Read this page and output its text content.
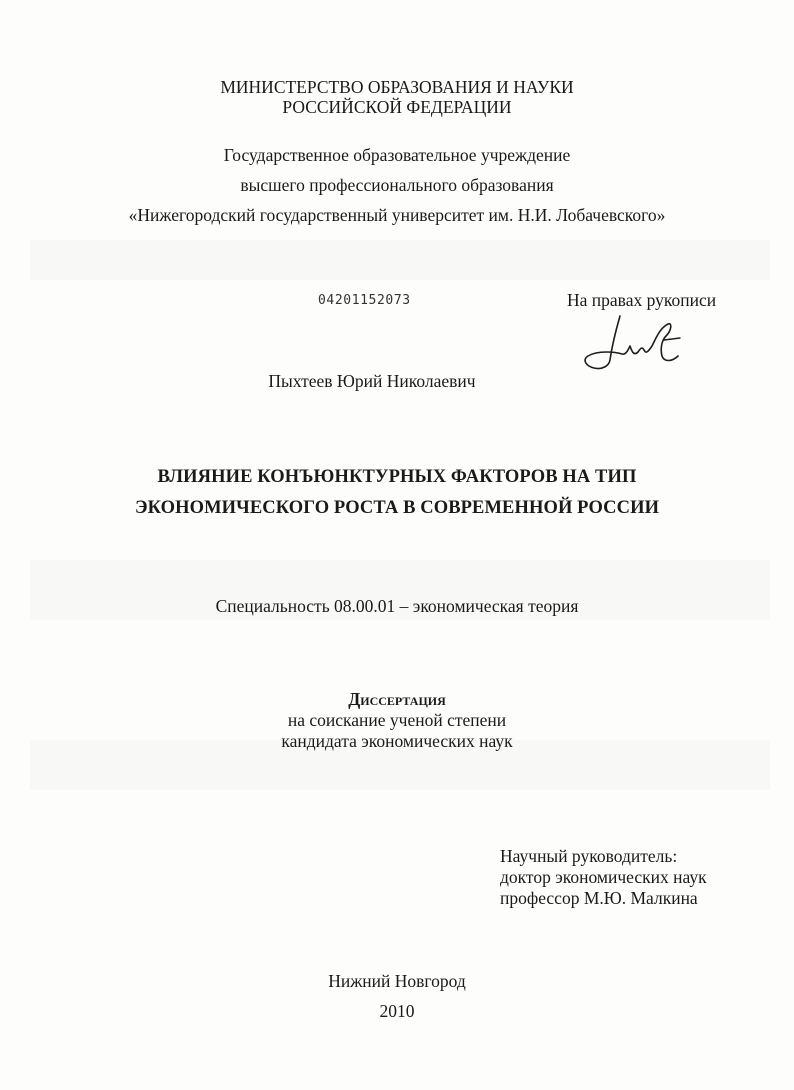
МИНИСТЕРСТВО ОБРАЗОВАНИЯ И НАУКИ
РОССИЙСКОЙ ФЕДЕРАЦИИ
Государственное образовательное учреждение
высшего профессионального образования
«Нижегородский государственный университет им. Н.И. Лобачевского»
04201152073	На правах рукописи
Пыхтеев Юрий Николаевич
ВЛИЯНИЕ КОНЪЮНКТУРНЫХ ФАКТОРОВ НА ТИП
ЭКОНОМИЧЕСКОГО РОСТА В СОВРЕМЕННОЙ РОССИИ
Специальность 08.00.01 – экономическая теория
Диссертация
на соискание ученой степени
кандидата экономических наук
Научный руководитель:
доктор экономических наук
профессор М.Ю. Малкина
Нижний Новгород
2010
